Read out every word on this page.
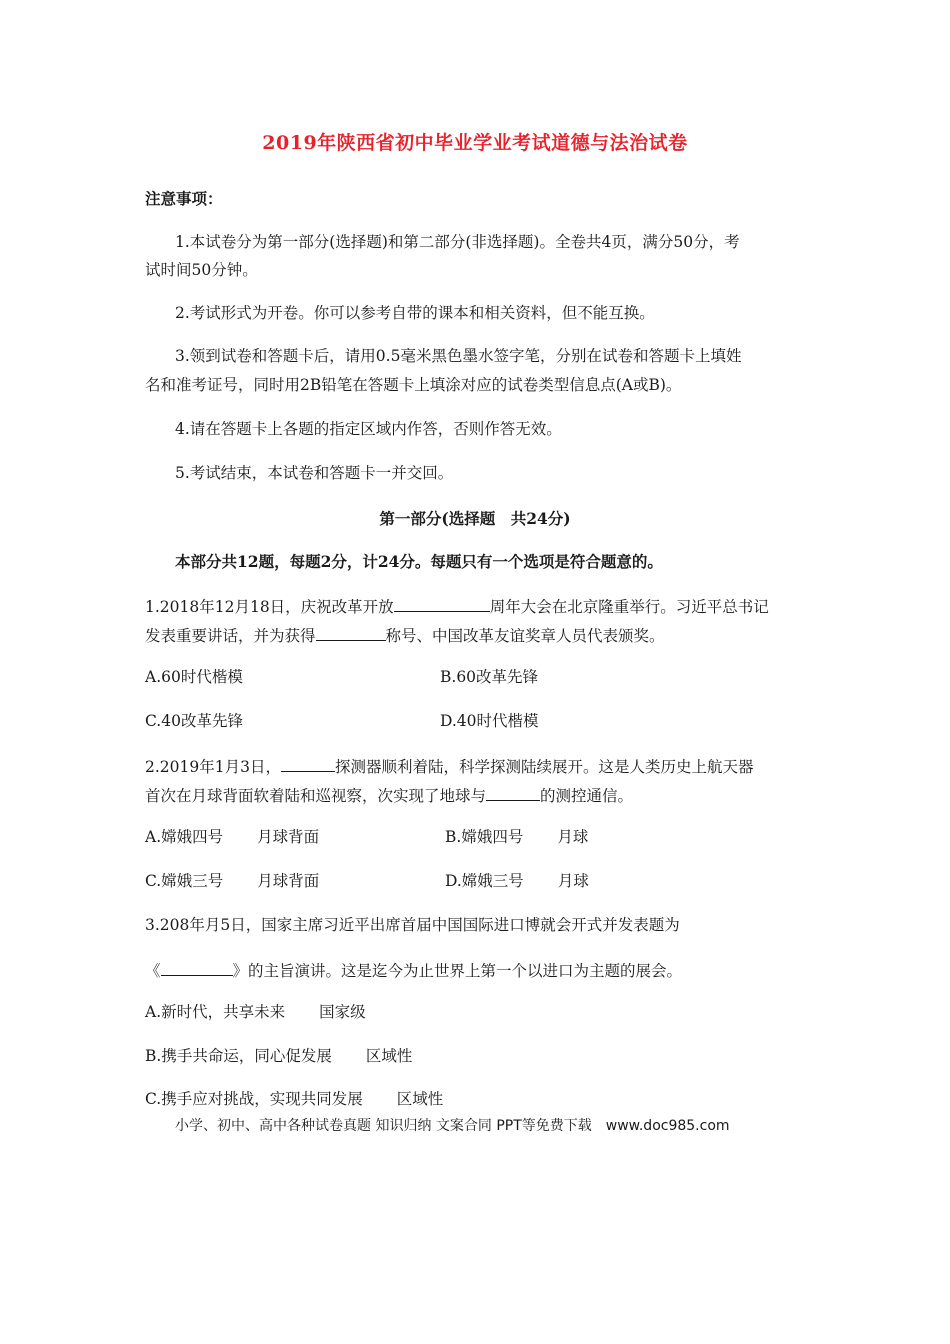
2019年陕西省初中毕业学业考试道德与法治试卷
注意事项：
1.本试卷分为第一部分(选择题)和第二部分(非选择题)。全卷共4页，满分50分，考
试时间50分钟。
2.考试形式为开卷。你可以参考自带的课本和相关资料，但不能互换。
3.领到试卷和答题卡后，请用0.5毫米黑色墨水签字笔，分别在试卷和答题卡上填姓
名和准考证号，同时用2B铅笔在答题卡上填涂对应的试卷类型信息点(A或B)。
4.请在答题卡上各题的指定区域内作答，否则作答无效。
5.考试结束，本试卷和答题卡一并交回。
第一部分(选择题　共24分)
本部分共12题，每题2分，计24分。每题只有一个选项是符合题意的。
1.2018年12月18日，庆祝改革开放	周年大会在北京隆重举行。习近平总书记
发表重要讲话，并为获得	称号、中国改革友谊奖章人员代表颁奖。
A.60时代楷模	B.60改革先锋
C.40改革先锋	D.40时代楷模
2.2019年1月3日，	探测器顺利着陆，科学探测陆续展开。这是人类历史上航天器
首次在月球背面软着陆和巡视察，次实现了地球与	的测控通信。
A.嫦娥四号 月球背面	B.嫦娥四号 月球
C.嫦娥三号 月球背面	D.嫦娥三号 月球
3.208年月5日，国家主席习近平出席首届中国国际进口博就会开式并发表题为
《	》的主旨演讲。这是迄今为止世界上第一个以进口为主题的展会。
A.新时代，共享未来 国家级
B.携手共命运，同心促发展 区域性
C.携手应对挑战，实现共同发展 区域性
小学、初中、高中各种试卷真题 知识归纳 文案合同 PPT等免费下载　www.doc985.com
